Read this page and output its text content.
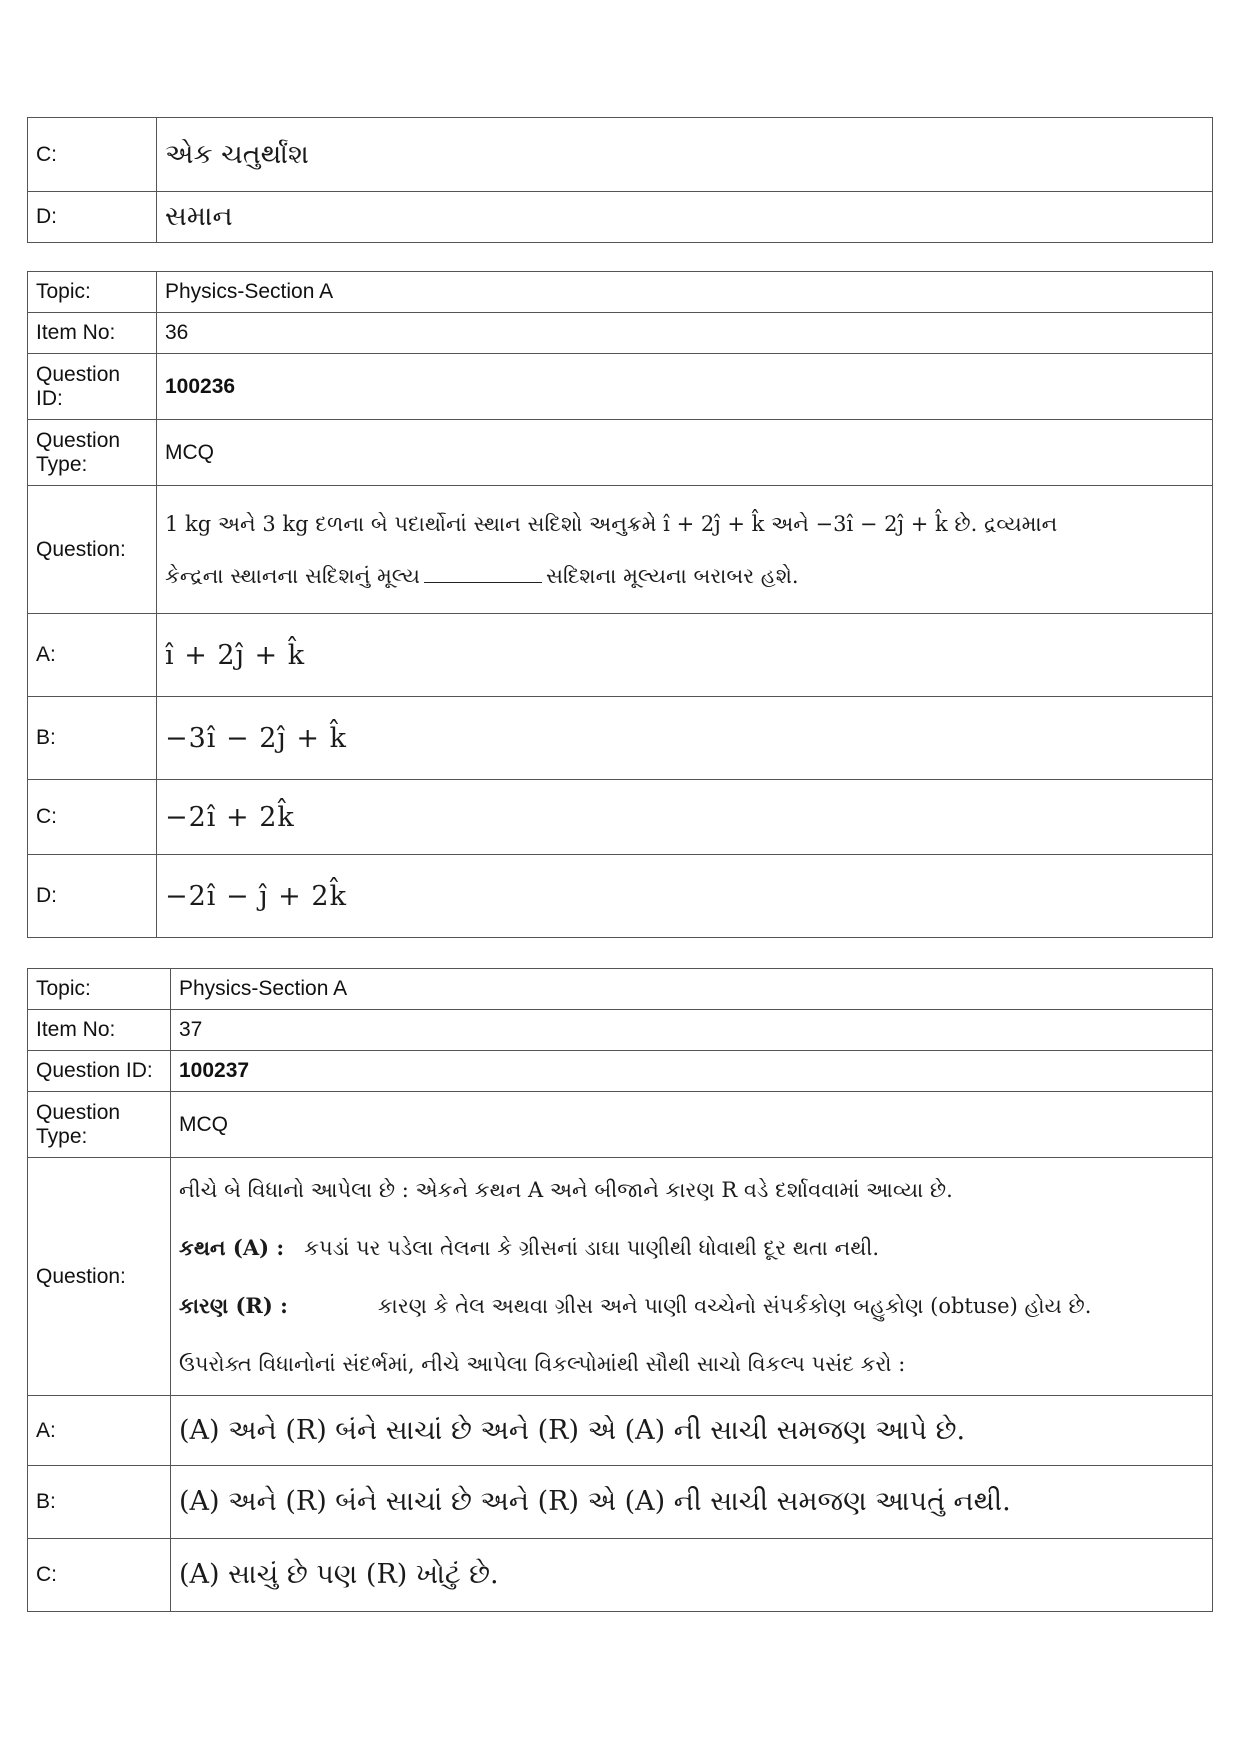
C:	એક ચતુર્થાંશ
D:	સમાન
Topic:	Physics-Section A
Item No:	36
Question ID:	100236
Question Type:	MCQ
Question:	1 kg અને 3 kg દળના બે પદાર્થોનાં સ્થાન સદિશો અનુક્રમે î + 2ĵ + k̂ અને −3î − 2ĵ + k̂ છે. દ્રવ્યમાન

કેન્દ્રના સ્થાનના સદિશનું મૂલ્ય સદિશના મૂલ્યના બરાબર હશે.

A:	î + 2ĵ + k̂
B:	−3î − 2ĵ + k̂
C:	−2î + 2k̂
D:	−2î − ĵ + 2k̂
Topic:	Physics-Section A
Item No:	37
Question ID:	100237
Question Type:	MCQ
Question:	નીચે બે વિધાનો આપેલા છે : એકને કથન A અને બીજાને કારણ R વડે દર્શાવવામાં આવ્યા છે.

કથન (A) : કપડાં પર પડેલા તેલના કે ગ્રીસનાં ડાઘા પાણીથી ધોવાથી દૂર થતા નથી.

કારણ (R) : કારણ કે તેલ અથવા ગ્રીસ અને પાણી વચ્ચેનો સંપર્કકોણ બહુકોણ (obtuse) હોય છે.

ઉપરોક્ત વિધાનોનાં સંદર્ભમાં, નીચે આપેલા વિકલ્પોમાંથી સૌથી સાચો વિકલ્પ પસંદ કરો :

A:	(A) અને (R) બંને સાચાં છે અને (R) એ (A) ની સાચી સમજણ આપે છે.
B:	(A) અને (R) બંને સાચાં છે અને (R) એ (A) ની સાચી સમજણ આપતું નથી.
C:	(A) સાચું છે પણ (R) ખોટું છે.
